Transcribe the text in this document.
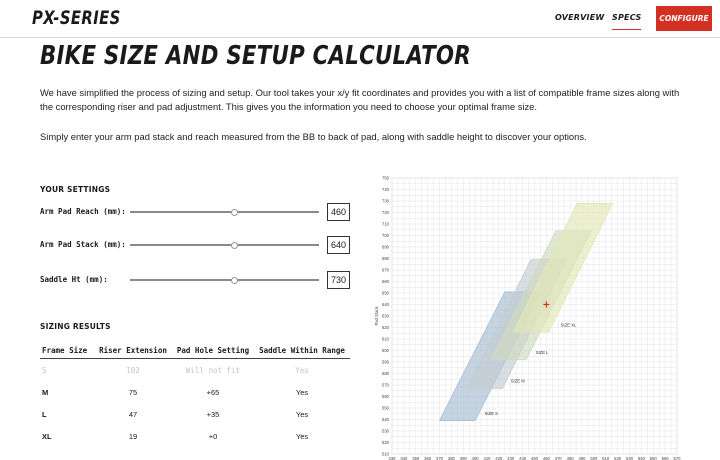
PX-SERIES	OVERVIEW SPECS	CONFIGURE
BIKE SIZE AND SETUP CALCULATOR

We have simplified the process of sizing and setup. Our tool takes your x/y fit coordinates and provides you with a list of compatible frame sizes along with the corresponding riser and pad adjustment. This gives you the information you need to choose your optimal frame size.

Simply enter your arm pad stack and reach measured from the BB to back of pad, along with saddle height to discover your options.

YOUR SETTINGS
Arm Pad Reach (mm):	460
Arm Pad Stack (mm):	640
Saddle Ht (mm):	730
SIZING RESULTS
Frame Size	Riser Extension	Pad Hole Setting	Saddle Within Range
S	102	Will not fit	Yes
M	75	+65	Yes
L	47	+35	Yes
XL	19	+0	Yes
SIZE S
SIZE M
SIZE L
SIZE XL
330 340 350 360 370 380 390 400 410 420 430 440 450 460 470 480 490 500 510 520 530 540 550 560 570
510
520
530
540
550
560
570
580
590
600
610
620
630
640
650
660
670
680
690
700
710
720
730
740
750
Pad Stack
